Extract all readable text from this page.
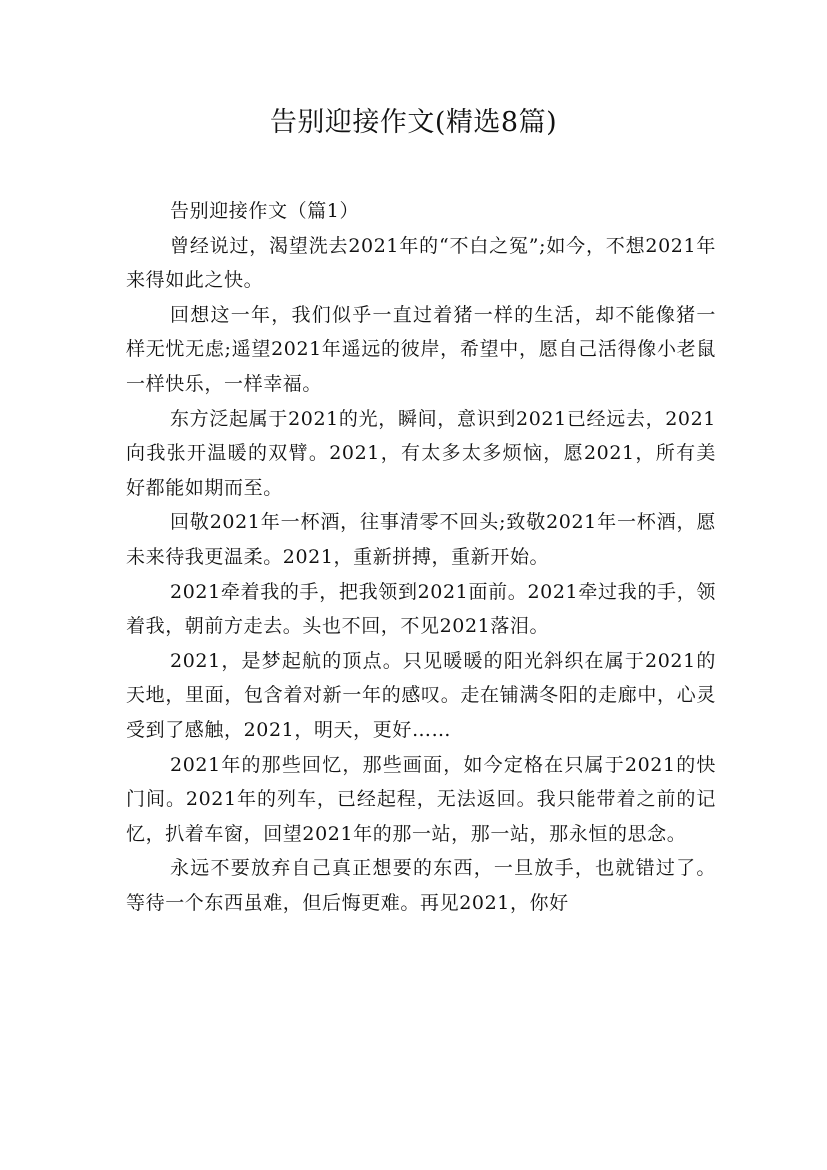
告别迎接作文(精选8篇)

告别迎接作文（篇1）

曾经说过，渴望洗去2021年的“不白之冤”;如今，不想2021年来得如此之快。

回想这一年，我们似乎一直过着猪一样的生活，却不能像猪一样无忧无虑;遥望2021年遥远的彼岸，希望中，愿自己活得像小老鼠一样快乐，一样幸福。

东方泛起属于2021的光，瞬间，意识到2021已经远去，2021向我张开温暖的双臂。2021，有太多太多烦恼，愿2021，所有美好都能如期而至。

回敬2021年一杯酒，往事清零不回头;致敬2021年一杯酒，愿未来待我更温柔。2021，重新拼搏，重新开始。

2021牵着我的手，把我领到2021面前。2021牵过我的手，领着我，朝前方走去。头也不回，不见2021落泪。

2021，是梦起航的顶点。只见暖暖的阳光斜织在属于2021的天地，里面，包含着对新一年的感叹。走在铺满冬阳的走廊中，心灵受到了感触，2021，明天，更好……

2021年的那些回忆，那些画面，如今定格在只属于2021的快门间。2021年的列车，已经起程，无法返回。我只能带着之前的记忆，扒着车窗，回望2021年的那一站，那一站，那永恒的思念。

永远不要放弃自己真正想要的东西，一旦放手，也就错过了。等待一个东西虽难，但后悔更难。再见2021，你好
